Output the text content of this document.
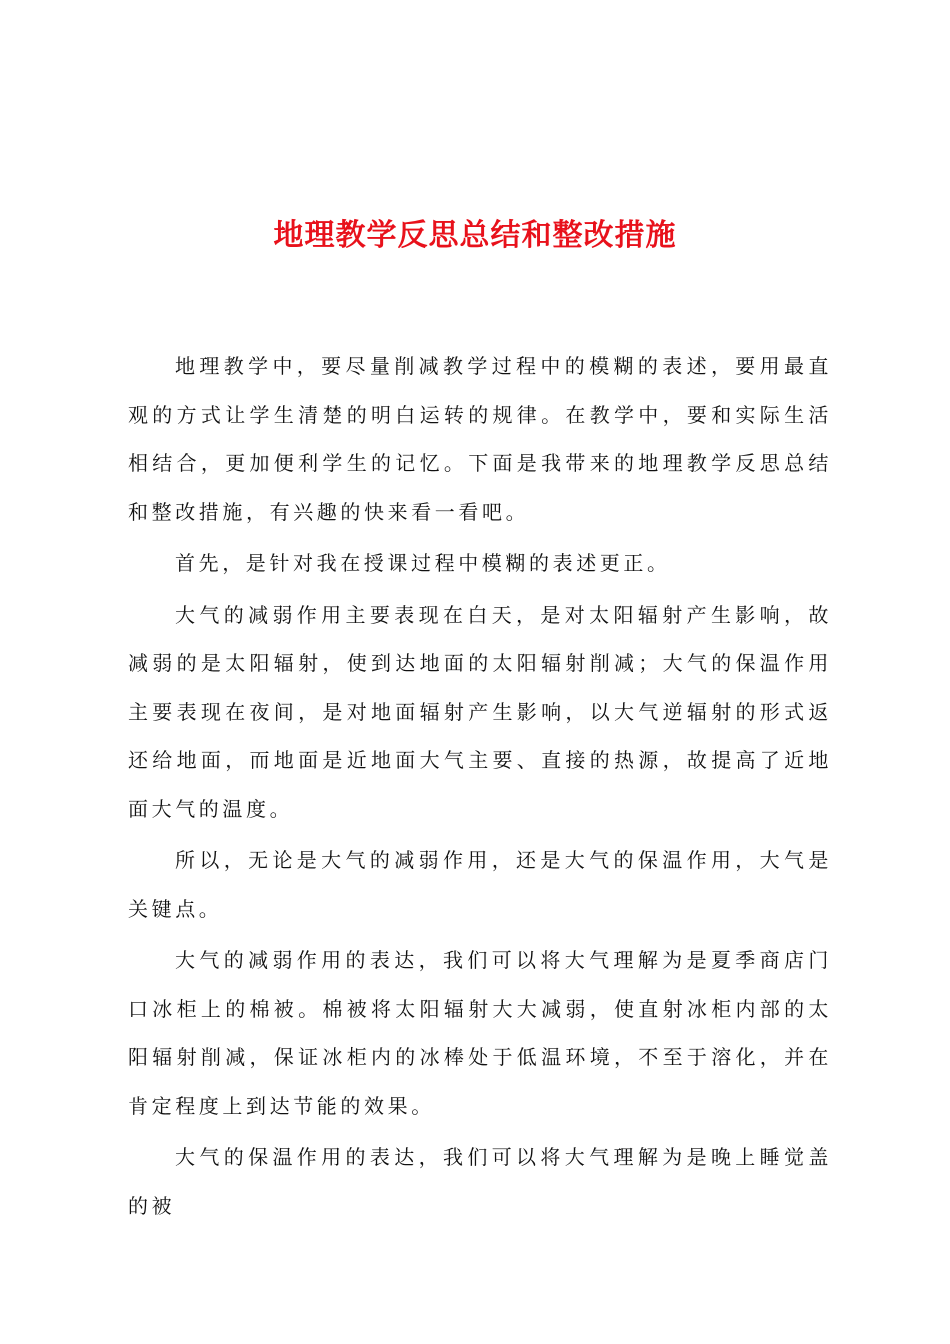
地理教学反思总结和整改措施

地理教学中，要尽量削减教学过程中的模糊的表述，要用最直观的方式让学生清楚的明白运转的规律。在教学中，要和实际生活相结合，更加便利学生的记忆。下面是我带来的地理教学反思总结和整改措施，有兴趣的快来看一看吧。

首先，是针对我在授课过程中模糊的表述更正。

大气的减弱作用主要表现在白天，是对太阳辐射产生影响，故减弱的是太阳辐射，使到达地面的太阳辐射削减；大气的保温作用主要表现在夜间，是对地面辐射产生影响，以大气逆辐射的形式返还给地面，而地面是近地面大气主要、直接的热源，故提高了近地面大气的温度。

所以，无论是大气的减弱作用，还是大气的保温作用，大气是关键点。

大气的减弱作用的表达，我们可以将大气理解为是夏季商店门口冰柜上的棉被。棉被将太阳辐射大大减弱，使直射冰柜内部的太阳辐射削减，保证冰柜内的冰棒处于低温环境，不至于溶化，并在肯定程度上到达节能的效果。

大气的保温作用的表达，我们可以将大气理解为是晚上睡觉盖的被
